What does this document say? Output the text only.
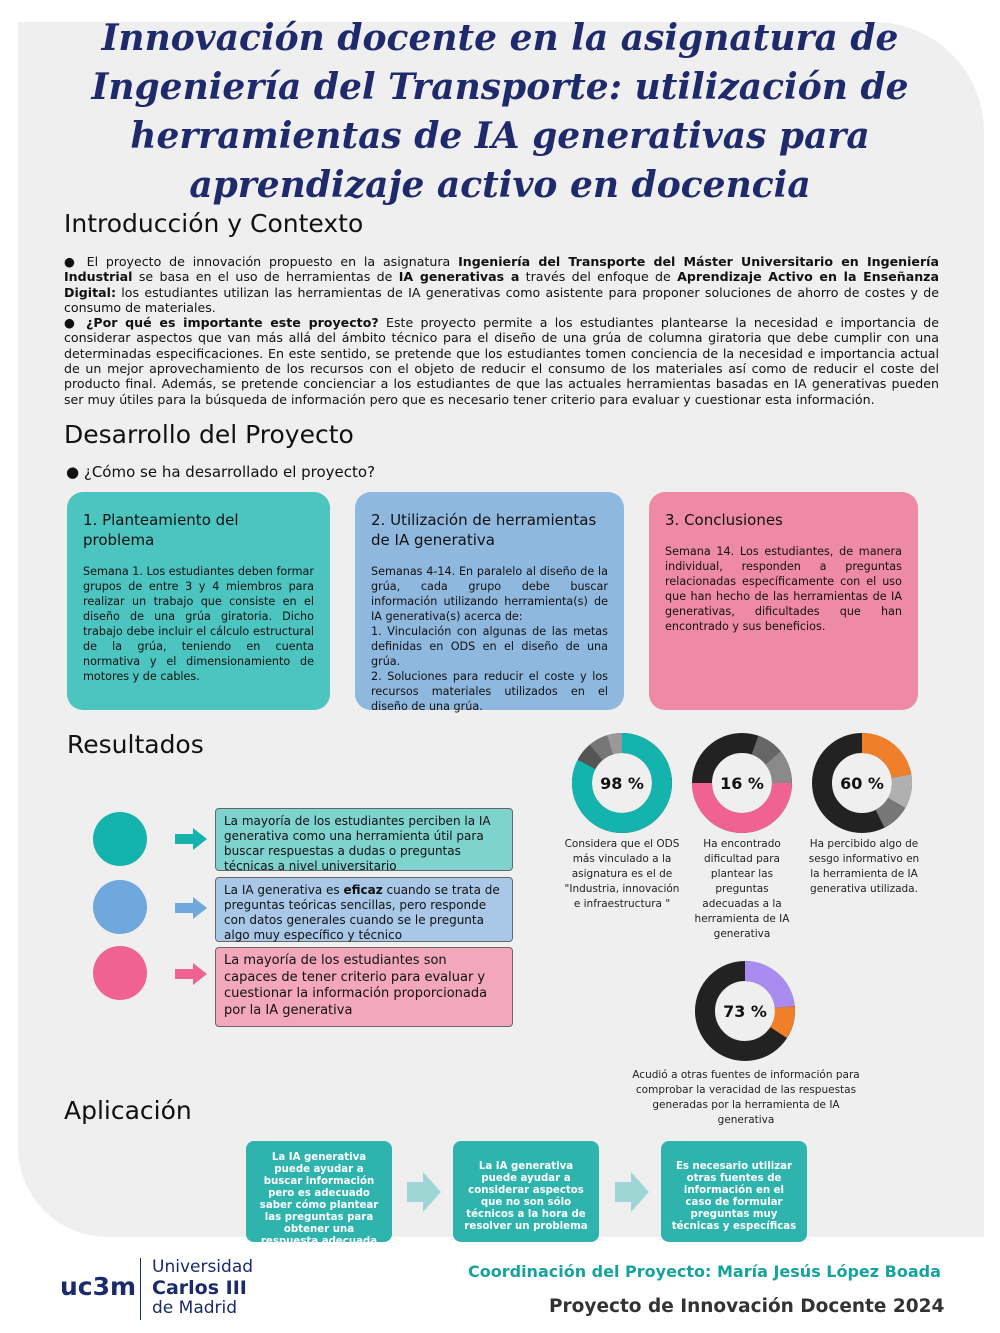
Innovación docente en la asignatura de Ingeniería del Transporte: utilización de herramientas de IA generativas para aprendizaje activo en docencia
Introducción y Contexto

● El proyecto de innovación propuesto en la asignatura Ingeniería del Transporte del Máster Universitario en Ingeniería Industrial se basa en el uso de herramientas de IA generativas a través del enfoque de Aprendizaje Activo en la Enseñanza Digital: los estudiantes utilizan las herramientas de IA generativas como asistente para proponer soluciones de ahorro de costes y de consumo de materiales.

● ¿Por qué es importante este proyecto? Este proyecto permite a los estudiantes plantearse la necesidad e importancia de considerar aspectos que van más allá del ámbito técnico para el diseño de una grúa de columna giratoria que debe cumplir con una determinadas especificaciones. En este sentido, se pretende que los estudiantes tomen conciencia de la necesidad e importancia actual de un mejor aprovechamiento de los recursos con el objeto de reducir el consumo de los materiales así como de reducir el coste del producto final. Además, se pretende concienciar a los estudiantes de que las actuales herramientas basadas en IA generativas pueden ser muy útiles para la búsqueda de información pero que es necesario tener criterio para evaluar y cuestionar esta información.

Desarrollo del Proyecto

● ¿Cómo se ha desarrollado el proyecto?

1. Planteamiento del problema
Semana 1. Los estudiantes deben formar grupos de entre 3 y 4 miembros para realizar un trabajo que consiste en el diseño de una grúa giratoria. Dicho trabajo debe incluir el cálculo estructural de la grúa, teniendo en cuenta normativa y el dimensionamiento de motores y de cables.
2. Utilización de herramientas de IA generativa
Semanas 4-14. En paralelo al diseño de la grúa, cada grupo debe buscar información utilizando herramienta(s) de IA generativa(s) acerca de:
1. Vinculación con algunas de las metas definidas en ODS en el diseño de una grúa.
2. Soluciones para reducir el coste y los recursos materiales utilizados en el diseño de una grúa.
3. Conclusiones
Semana 14. Los estudiantes, de manera individual, responden a preguntas relacionadas específicamente con el uso que han hecho de las herramientas de IA generativas, dificultades que han encontrado y sus beneficios.
Resultados
La mayoría de los estudiantes perciben la IA generativa como una herramienta útil para buscar respuestas a dudas o preguntas técnicas a nivel universitario
La IA generativa es eficaz cuando se trata de preguntas teóricas sencillas, pero responde con datos generales cuando se le pregunta algo muy específico y técnico
La mayoría de los estudiantes son capaces de tener criterio para evaluar y cuestionar la información proporcionada por la IA generativa
98 %
Considera que el ODS más vinculado a la asignatura es el de "Industria, innovación e infraestructura "
16 %
Ha encontrado dificultad para plantear las preguntas adecuadas a la herramienta de IA generativa
60 %
Ha percibido algo de sesgo informativo en la herramienta de IA generativa utilizada.
73 %
Acudió a otras fuentes de información para comprobar la veracidad de las respuestas generadas por la herramienta de IA generativa
Aplicación
La IA generativa puede ayudar a buscar información pero es adecuado saber cómo plantear las preguntas para obtener una respuesta adecuada
La IA generativa puede ayudar a considerar aspectos que no son sólo técnicos a la hora de resolver un problema
Es necesario utilizar otras fuentes de información en el caso de formular preguntas muy técnicas y específicas
uc3m
Universidad
Carlos III
de Madrid

Coordinación del Proyecto: María Jesús López Boada

Proyecto de Innovación Docente 2024
